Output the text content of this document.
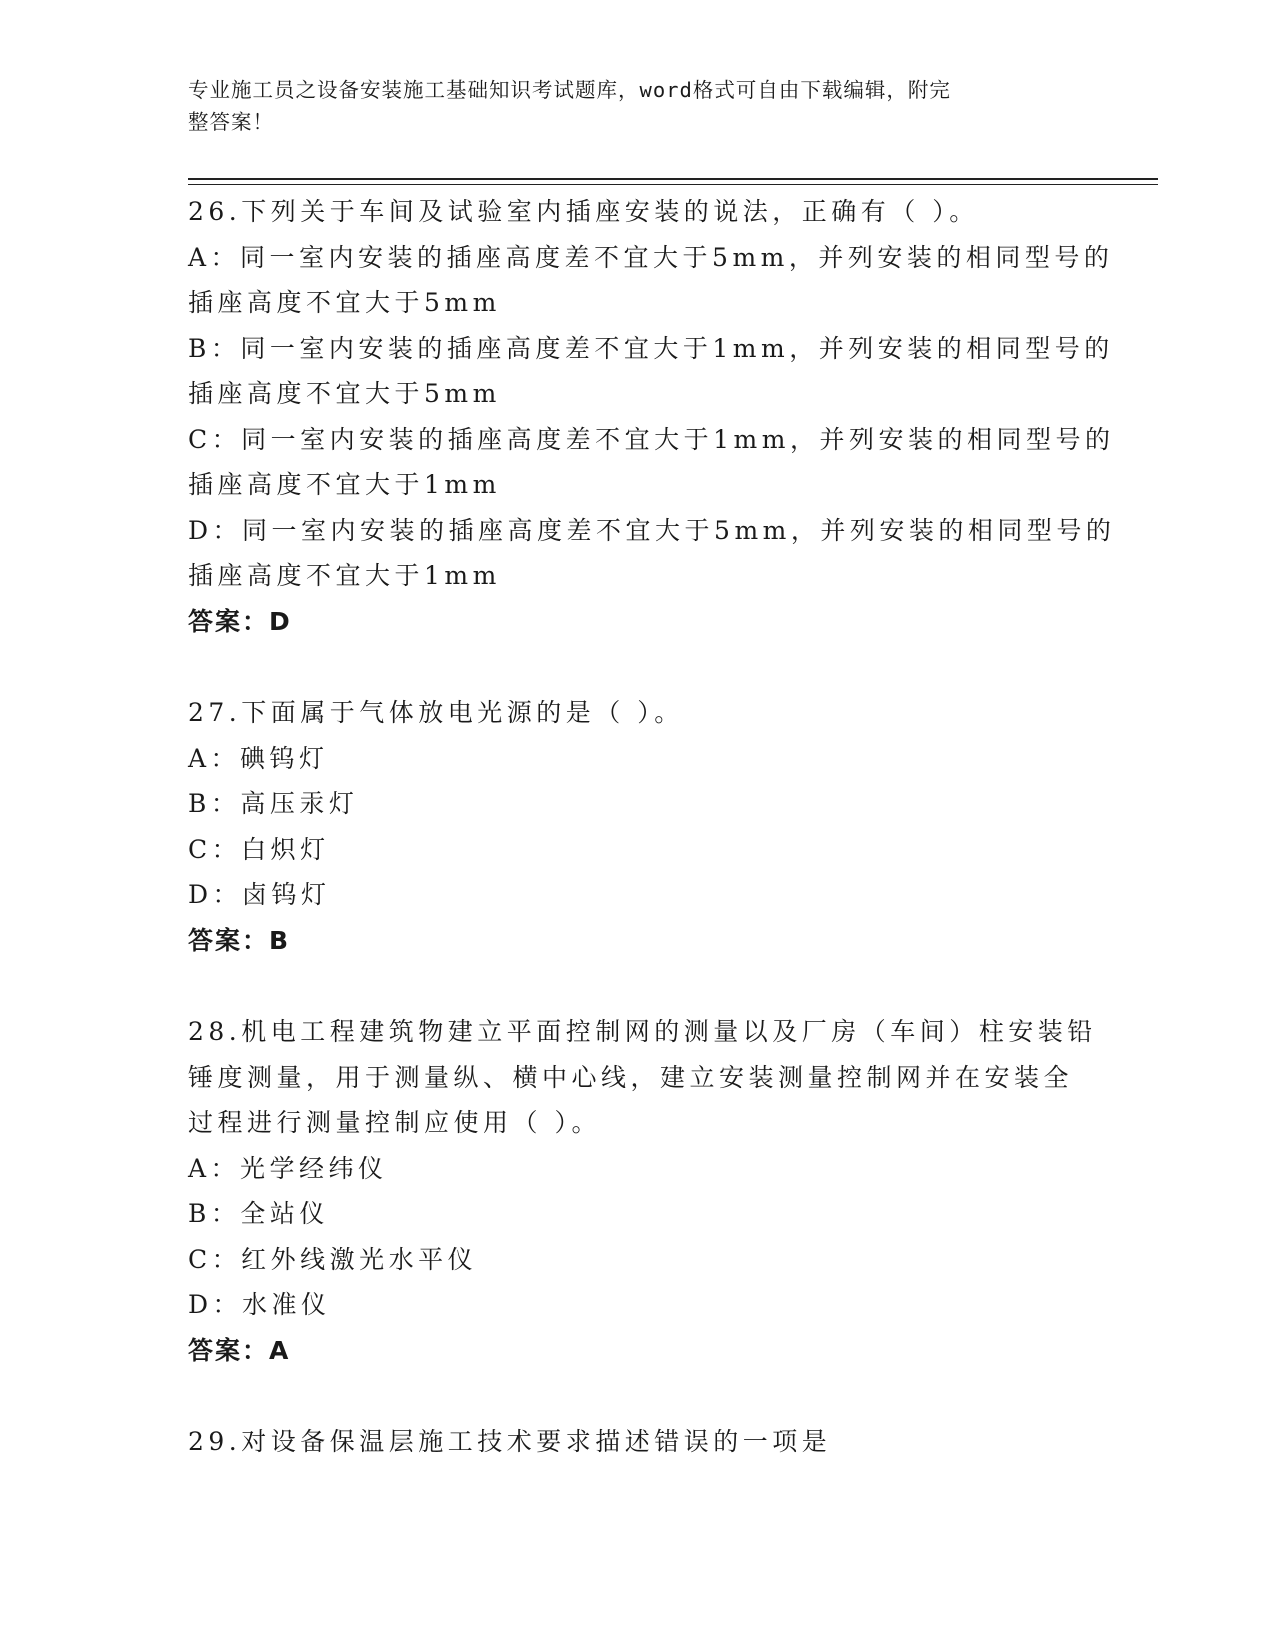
专业施工员之设备安装施工基础知识考试题库，word格式可自由下载编辑，附完
整答案！
26.下列关于车间及试验室内插座安装的说法，正确有（ ）。
A：同一室内安装的插座高度差不宜大于5mm，并列安装的相同型号的
插座高度不宜大于5mm
B：同一室内安装的插座高度差不宜大于1mm，并列安装的相同型号的
插座高度不宜大于5mm
C：同一室内安装的插座高度差不宜大于1mm，并列安装的相同型号的
插座高度不宜大于1mm
D：同一室内安装的插座高度差不宜大于5mm，并列安装的相同型号的
插座高度不宜大于1mm
答案：D
27.下面属于气体放电光源的是（ ）。
A：碘钨灯
B：高压汞灯
C：白炽灯
D：卤钨灯
答案：B
28.机电工程建筑物建立平面控制网的测量以及厂房（车间）柱安装铅
锤度测量，用于测量纵、横中心线，建立安装测量控制网并在安装全
过程进行测量控制应使用（ ）。
A：光学经纬仪
B：全站仪
C：红外线激光水平仪
D：水准仪
答案：A
29.对设备保温层施工技术要求描述错误的一项是
